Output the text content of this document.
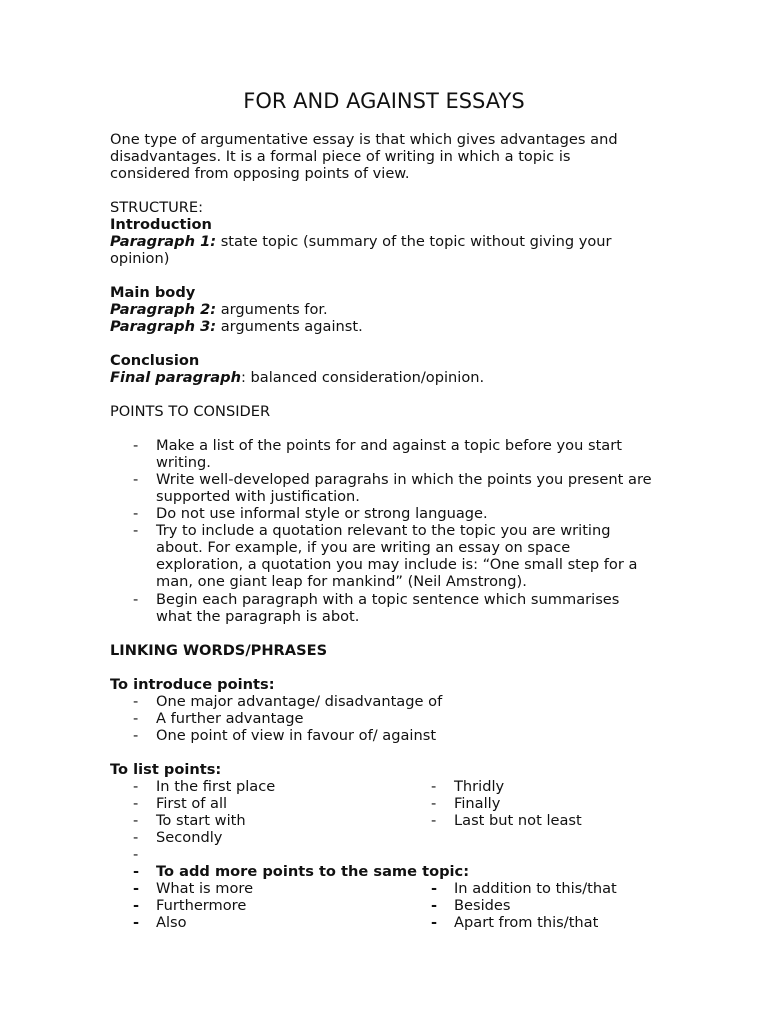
FOR AND AGAINST ESSAYS
One type of argumentative essay is that which gives advantages and disadvantages. It is a formal piece of writing in which a topic is considered from opposing points of view.
STRUCTURE:
Introduction
Paragraph 1: state topic (summary of the topic without giving your opinion)
Main body
Paragraph 2: arguments for.
Paragraph 3: arguments against.
Conclusion
Final paragraph: balanced consideration/opinion.
POINTS TO CONSIDER
-	Make a list of the points for and against a topic before you start writing.
-	Write well-developed paragrahs in which the points you present are supported with justification.
-	Do not use informal style or strong language.
-	Try to include a quotation relevant to the topic you are writing about. For example, if you are writing an essay on space exploration, a quotation you may include is: “One small step for a man, one giant leap for mankind” (Neil Amstrong).
-	Begin each paragraph with a topic sentence which summarises what the paragraph is abot.
LINKING WORDS/PHRASES
To introduce points:
-	One major advantage/ disadvantage of
-	A further advantage
-	One point of view in favour of/ against
To list points:
-	In the first place	-	Thridly
-	First of all	-	Finally
-	To start with	-	Last but not least
-	Secondly
-
-	To add more points to the same topic:
-	What is more	-	In addition to this/that
-	Furthermore	-	Besides
-	Also	-	Apart from this/that
